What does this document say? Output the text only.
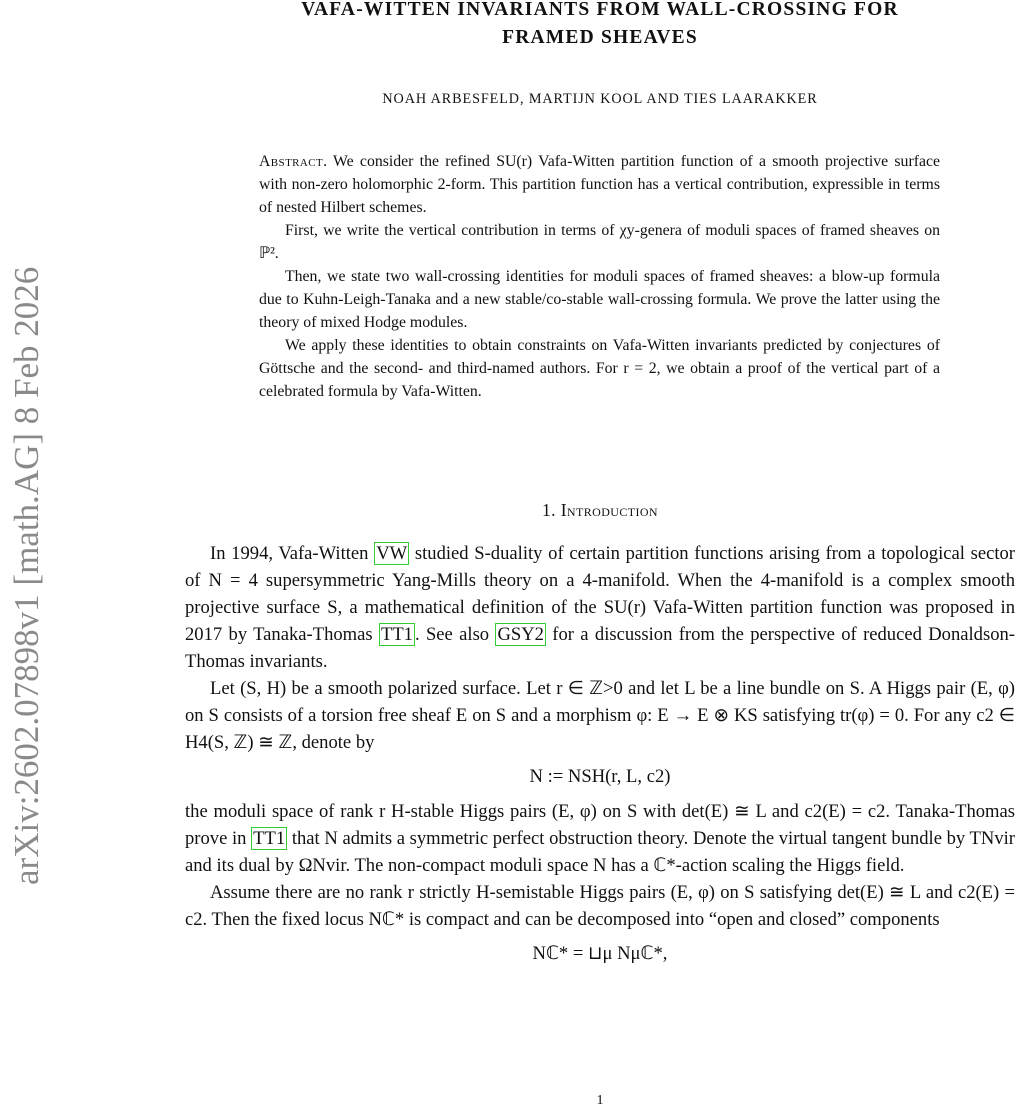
arXiv:2602.07898v1 [math.AG] 8 Feb 2026
VAFA-WITTEN INVARIANTS FROM WALL-CROSSING FOR
FRAMED SHEAVES
NOAH ARBESFELD, MARTIJN KOOL AND TIES LAARAKKER

Abstract. We consider the refined SU(r) Vafa-Witten partition function of a smooth projective surface with non-zero holomorphic 2-form. This partition function has a vertical contribution, expressible in terms of nested Hilbert schemes.

First, we write the vertical contribution in terms of χy-genera of moduli spaces of framed sheaves on ℙ².

Then, we state two wall-crossing identities for moduli spaces of framed sheaves: a blow-up formula due to Kuhn-Leigh-Tanaka and a new stable/co-stable wall-crossing formula. We prove the latter using the theory of mixed Hodge modules.

We apply these identities to obtain constraints on Vafa-Witten invariants predicted by conjectures of Göttsche and the second- and third-named authors. For r = 2, we obtain a proof of the vertical part of a celebrated formula by Vafa-Witten.

1. Introduction

In 1994, Vafa-Witten VW studied S-duality of certain partition functions arising from a topological sector of N = 4 supersymmetric Yang-Mills theory on a 4-manifold. When the 4-manifold is a complex smooth projective surface S, a mathematical definition of the SU(r) Vafa-Witten partition function was proposed in 2017 by Tanaka-Thomas TT1 . See also GSY2 for a discussion from the perspective of reduced Donaldson-Thomas invariants.

Let (S, H) be a smooth polarized surface. Let r ∈ ℤ>0 and let L be a line bundle on S. A Higgs pair (E, φ) on S consists of a torsion free sheaf E on S and a morphism φ: E → E ⊗ KS satisfying tr(φ) = 0. For any c2 ∈ H4(S, ℤ) ≅ ℤ, denote by

N := NSH(r, L, c2)

the moduli space of rank r H-stable Higgs pairs (E, φ) on S with det(E) ≅ L and c2(E) = c2. Tanaka-Thomas prove in TT1 that N admits a symmetric perfect obstruction theory. Denote the virtual tangent bundle by TNvir and its dual by ΩNvir. The non-compact moduli space N has a ℂ*-action scaling the Higgs field.

Assume there are no rank r strictly H-semistable Higgs pairs (E, φ) on S satisfying det(E) ≅ L and c2(E) = c2. Then the fixed locus Nℂ* is compact and can be decomposed into “open and closed” components

Nℂ* = ⊔μ Nμℂ*,
1
